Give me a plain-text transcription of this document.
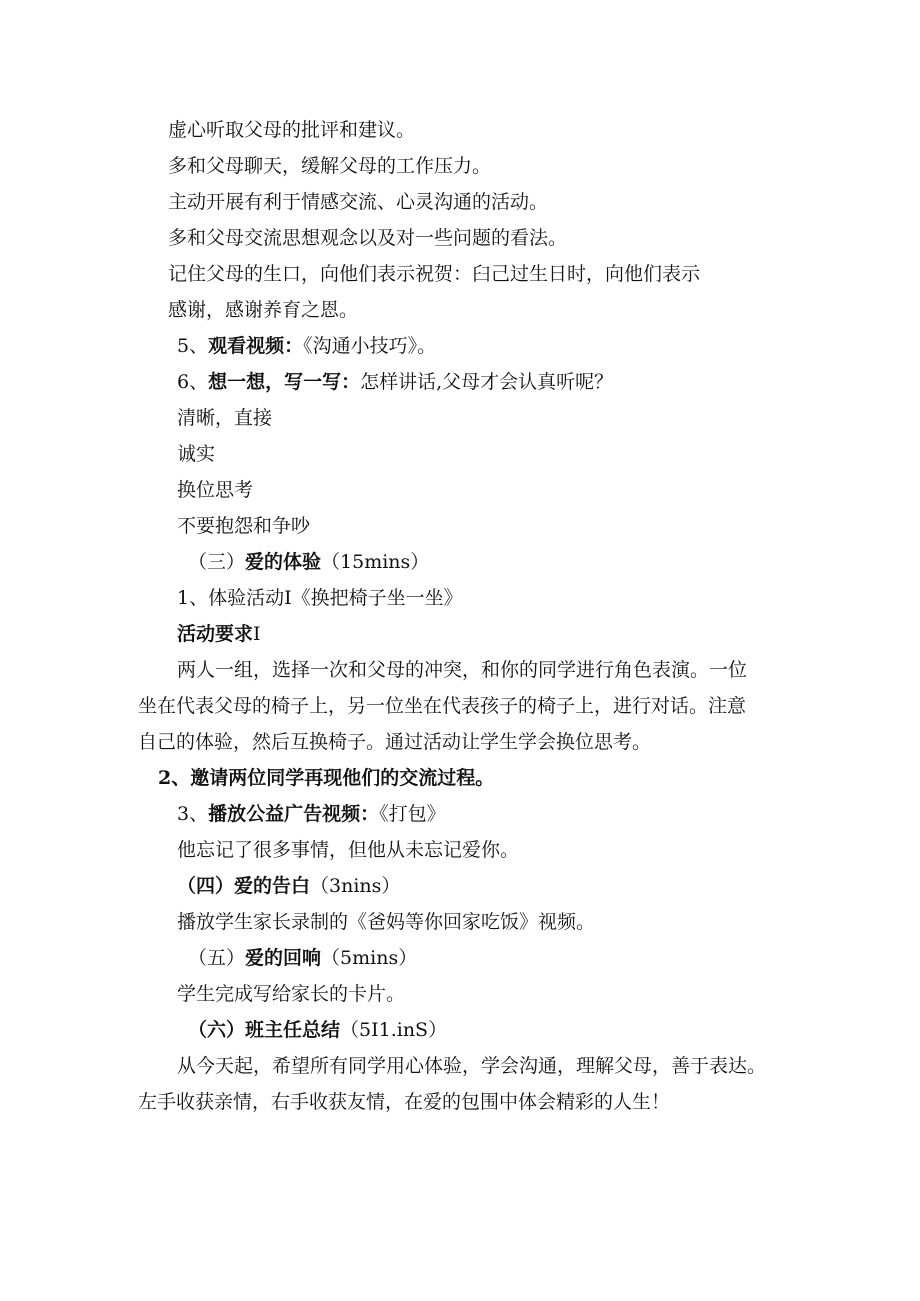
虚心听取父母的批评和建议。
多和父母聊天，缓解父母的工作压力。
主动开展有利于情感交流、心灵沟通的活动。
多和父母交流思想观念以及对一些问题的看法。
记住父母的生口，向他们表示祝贺：臼己过生日时，向他们表示
感谢，感谢养育之恩。
5、观看视频：《沟通小技巧》。
6、想一想，写一写：怎样讲话,父母才会认真听呢？
清晰，直接
诚实
换位思考
不要抱怨和争吵
（三）爱的体验（15mins）
1、体验活动I《换把椅子坐一坐》
活动要求I
两人一组，选择一次和父母的冲突，和你的同学进行角色表演。一位
坐在代表父母的椅子上，另一位坐在代表孩子的椅子上，进行对话。注意
自己的体验，然后互换椅子。通过活动让学生学会换位思考。
2、邀请两位同学再现他们的交流过程。
3、播放公益广告视频：《打包》
他忘记了很多事情，但他从未忘记爱你。
（四）爱的告白（3nins）
播放学生家长录制的《爸妈等你回家吃饭》视频。
（五）爱的回响（5mins）
学生完成写给家长的卡片。
（六）班主任总结（5I1.inS）
从今天起，希望所有同学用心体验，学会沟通，理解父母，善于表达。
左手收获亲情，右手收获友情，在爱的包围中体会精彩的人生！
